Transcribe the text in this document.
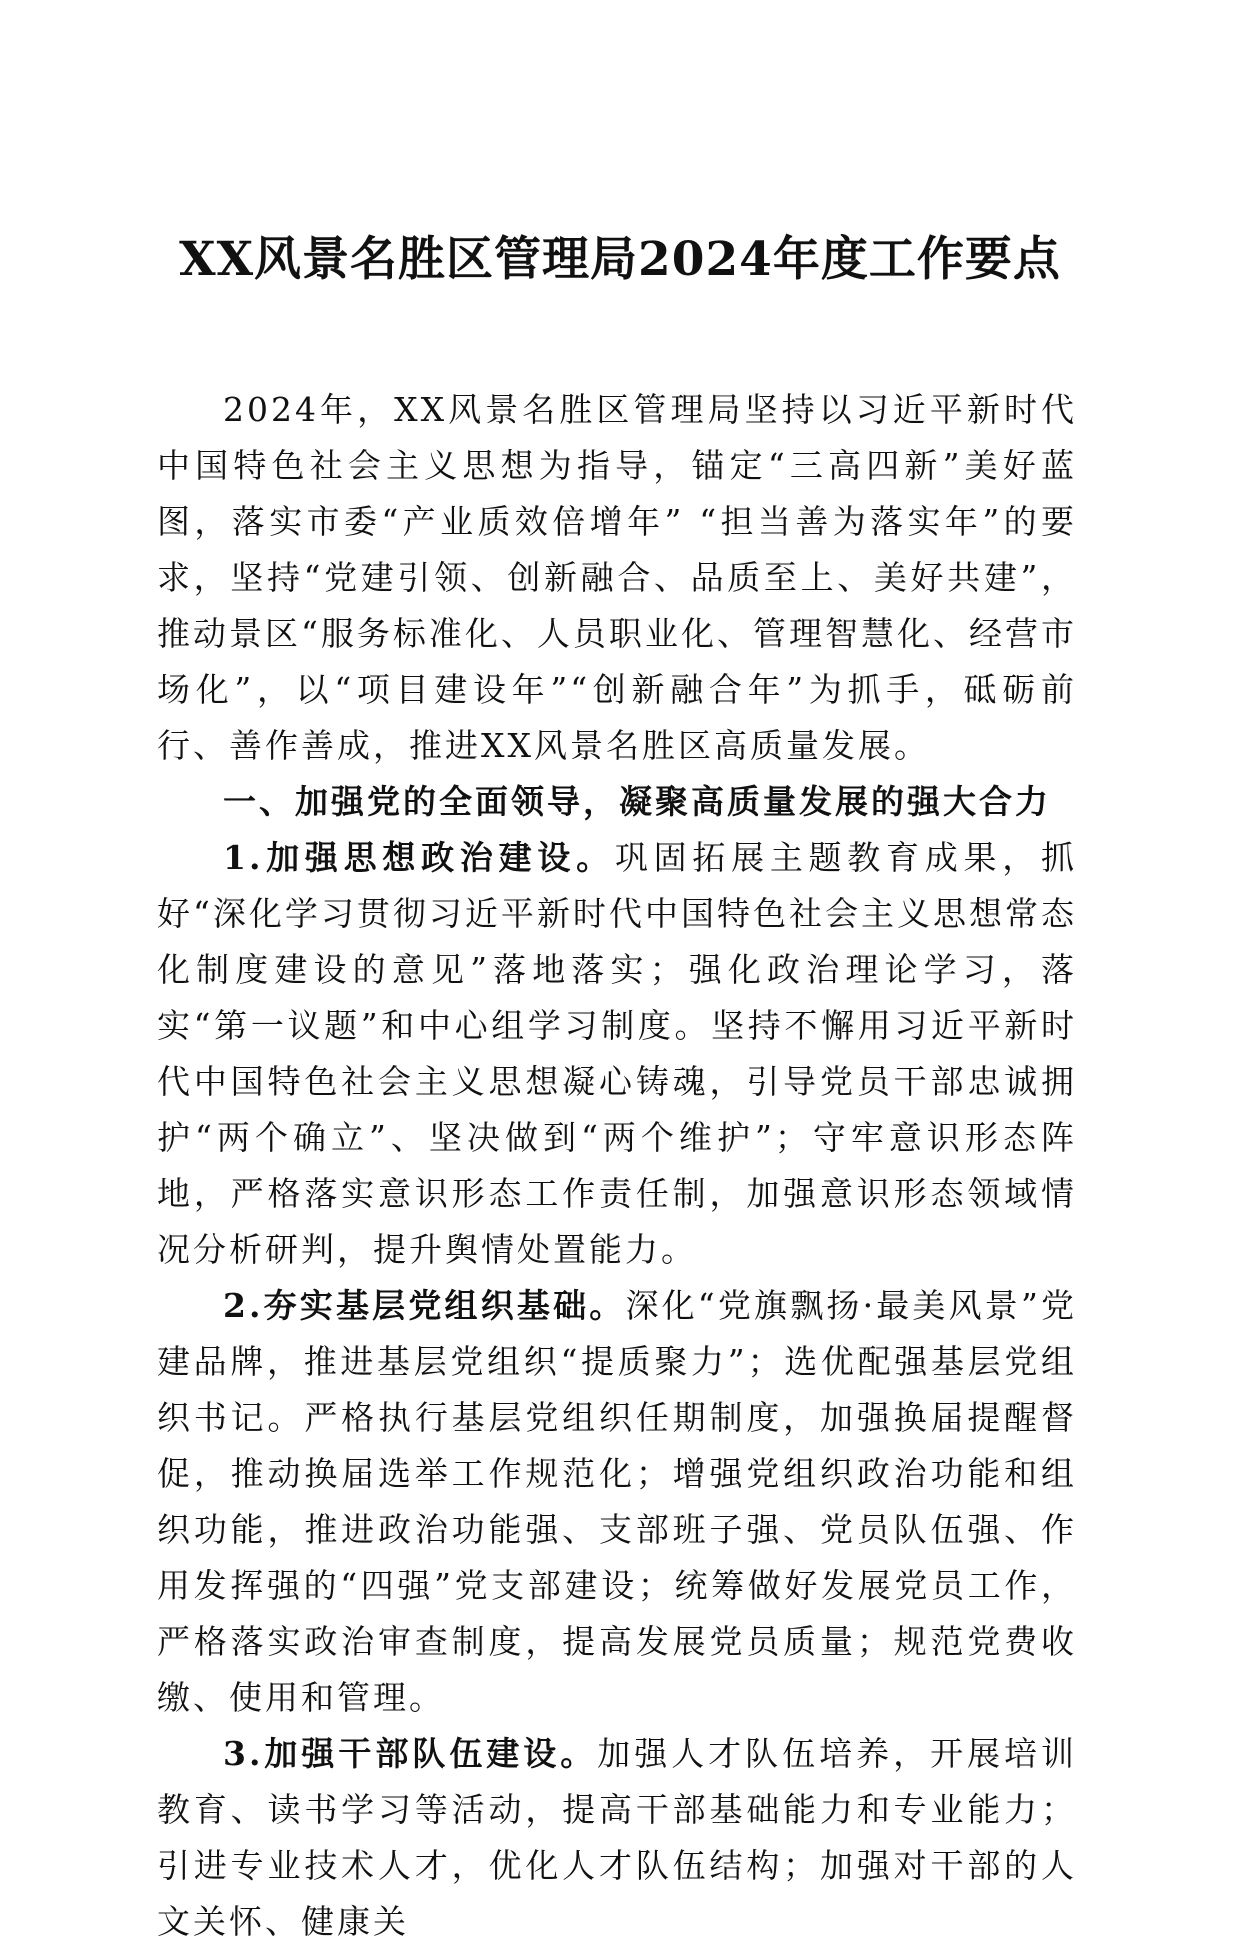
XX风景名胜区管理局2024年度工作要点

2024年，XX风景名胜区管理局坚持以习近平新时代中国特色社会主义思想为指导，锚定“三高四新”美好蓝图，落实市委“产业质效倍增年” “担当善为落实年”的要求，坚持“党建引领、创新融合、品质至上、美好共建”，推动景区“服务标准化、人员职业化、管理智慧化、经营市场化”，以“项目建设年”“创新融合年”为抓手，砥砺前行、善作善成，推进XX风景名胜区高质量发展。

一、加强党的全面领导，凝聚高质量发展的强大合力

1.加强思想政治建设。巩固拓展主题教育成果，抓好“深化学习贯彻习近平新时代中国特色社会主义思想常态化制度建设的意见”落地落实；强化政治理论学习，落实“第一议题”和中心组学习制度。坚持不懈用习近平新时代中国特色社会主义思想凝心铸魂，引导党员干部忠诚拥护“两个确立”、坚决做到“两个维护”；守牢意识形态阵地，严格落实意识形态工作责任制，加强意识形态领域情况分析研判，提升舆情处置能力。

2.夯实基层党组织基础。深化“党旗飘扬·最美风景”党建品牌，推进基层党组织“提质聚力”；选优配强基层党组织书记。严格执行基层党组织任期制度，加强换届提醒督促，推动换届选举工作规范化；增强党组织政治功能和组织功能，推进政治功能强、支部班子强、党员队伍强、作用发挥强的“四强”党支部建设；统筹做好发展党员工作，严格落实政治审查制度，提高发展党员质量；规范党费收缴、使用和管理。

3.加强干部队伍建设。加强人才队伍培养，开展培训教育、读书学习等活动，提高干部基础能力和专业能力；引进专业技术人才，优化人才队伍结构；加强对干部的人文关怀、健康关
